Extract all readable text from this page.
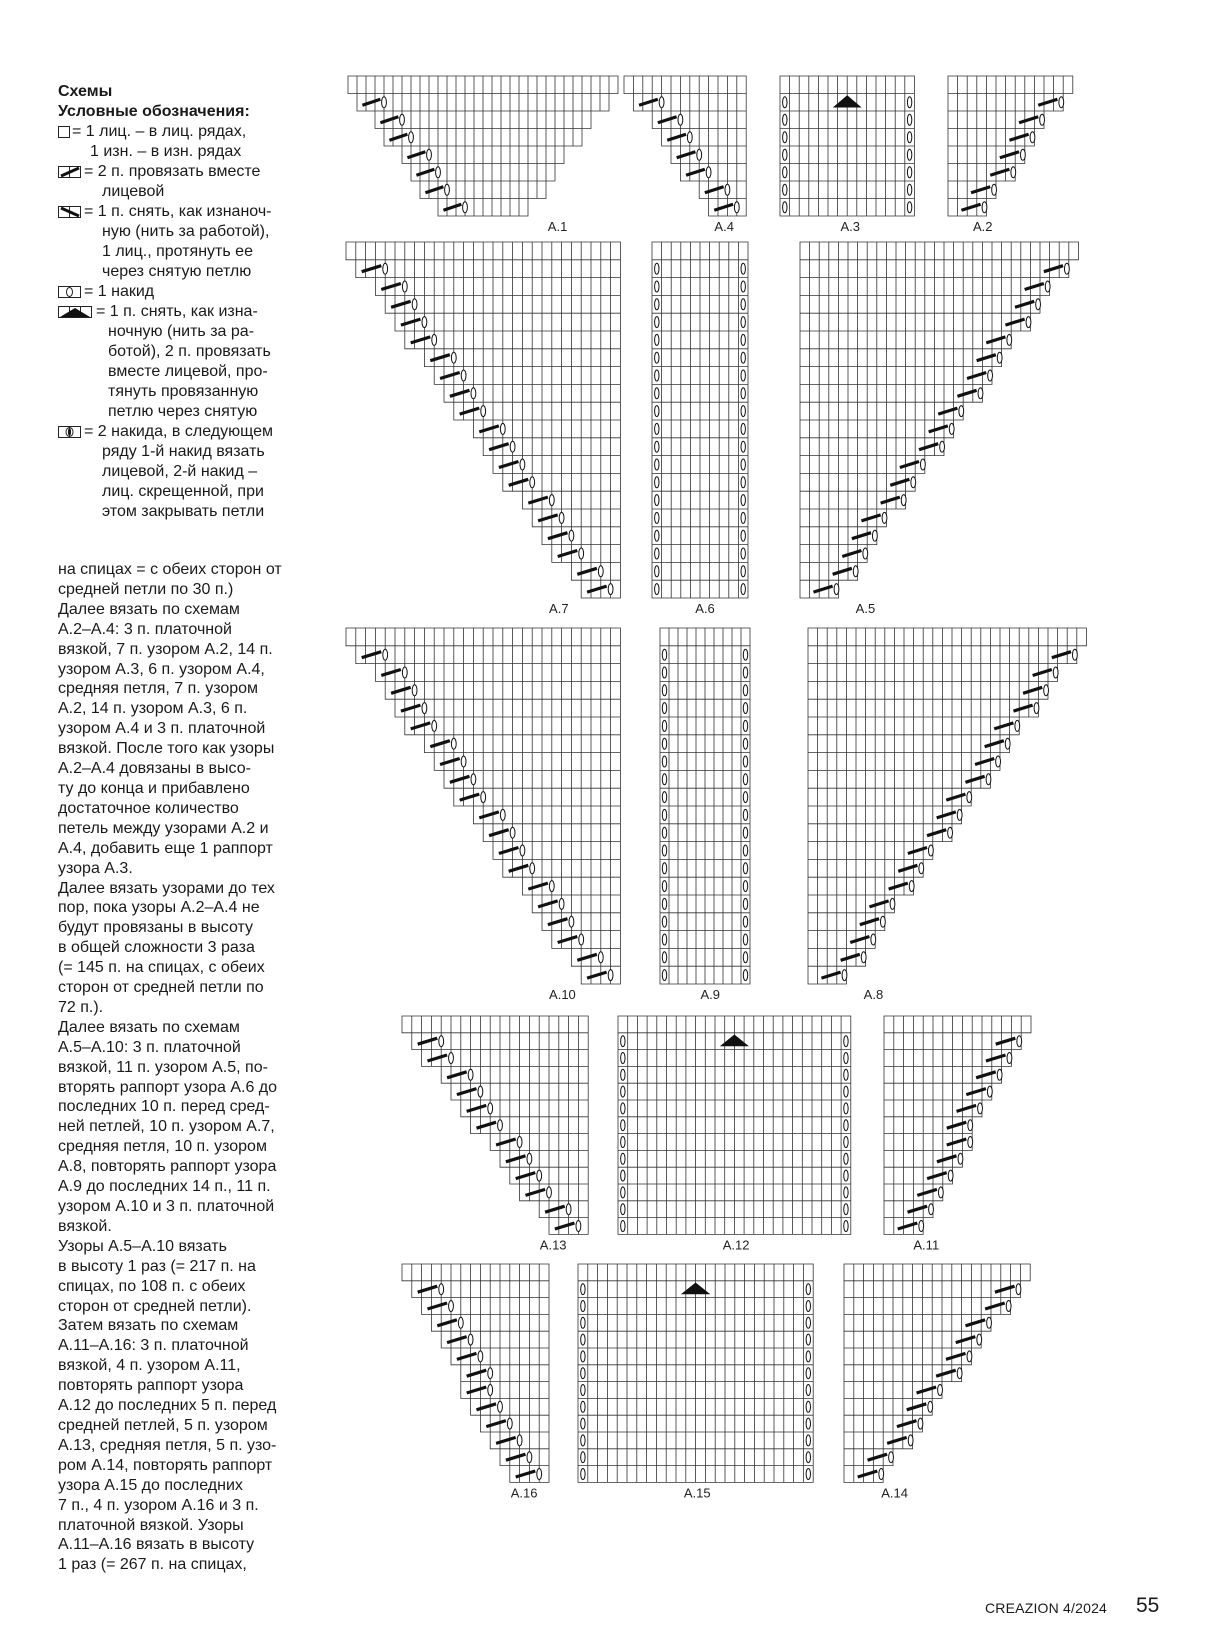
Схемы
Условные обозначения:
= 1 лиц. – в лиц. рядах,
1 изн. – в изн. рядах
= 2 п. провязать вместе
лицевой
= 1 п. снять, как изнаноч-
ную (нить за работой),
1 лиц., протянуть ее
через снятую петлю
= 1 накид
= 1 п. снять, как изна-
ночную (нить за ра-
ботой), 2 п. провязать
вместе лицевой, про-
тянуть провязанную
петлю через снятую
= 2 накида, в следующем
ряду 1-й накид вязать
лицевой, 2-й накид –
лиц. скрещенной, при
этом закрывать петли

на спицах = с обеих сторон от

средней петли по 30 п.)

Далее вязать по схемам

A.2–A.4: 3 п. платочной

вязкой, 7 п. узором A.2, 14 п.

узором A.3, 6 п. узором A.4,

средняя петля, 7 п. узором

A.2, 14 п. узором A.3, 6 п.

узором A.4 и 3 п. платочной

вязкой. После того как узоры

A.2–A.4 довязаны в высо-

ту до конца и прибавлено

достаточное количество

петель между узорами A.2 и

A.4, добавить еще 1 раппорт

узора A.3.

Далее вязать узорами до тех

пор, пока узоры A.2–A.4 не

будут провязаны в высоту

в общей сложности 3 раза

(= 145 п. на спицах, с обеих

сторон от средней петли по

72 п.).

Далее вязать по схемам

A.5–A.10: 3 п. платочной

вязкой, 11 п. узором A.5, по-

вторять раппорт узора A.6 до

последних 10 п. перед сред-

ней петлей, 10 п. узором A.7,

средняя петля, 10 п. узором

A.8, повторять раппорт узора

A.9 до последних 14 п., 11 п.

узором A.10 и 3 п. платочной

вязкой.

Узоры A.5–A.10 вязать

в высоту 1 раз (= 217 п. на

спицах, по 108 п. с обеих

сторон от средней петли).

Затем вязать по схемам

A.11–A.16: 3 п. платочной

вязкой, 4 п. узором A.11,

повторять раппорт узора

A.12 до последних 5 п. перед

средней петлей, 5 п. узором

A.13, средняя петля, 5 п. узо-

ром A.14, повторять раппорт

узора A.15 до последних

7 п., 4 п. узором A.16 и 3 п.

платочной вязкой. Узоры

A.11–A.16 вязать в высоту

1 раз (= 267 п. на спицах,

A.1	A.4	A.3	A.2
A.7	A.6	A.5
A.10	A.9	A.8
A.13	A.12	A.11
A.16	A.15	A.14
CREAZION 4/2024 55
